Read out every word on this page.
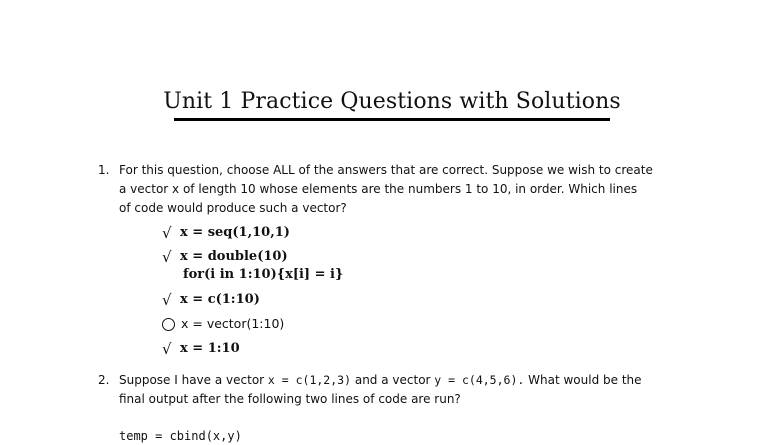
Unit 1 Practice Questions with Solutions
1. For this question, choose ALL of the answers that are correct. Suppose we wish to create
a vector x of length 10 whose elements are the numbers 1 to 10, in order. Which lines
of code would produce such a vector?
√ x = seq(1,10,1)
√ x = double(10)
for(i in 1:10){x[i] = i}
√ x = c(1:10)
x = vector(1:10)
√ x = 1:10
2. Suppose I have a vector x = c(1,2,3) and a vector y = c(4,5,6). What would be the
final output after the following two lines of code are run?
temp = cbind(x,y)
